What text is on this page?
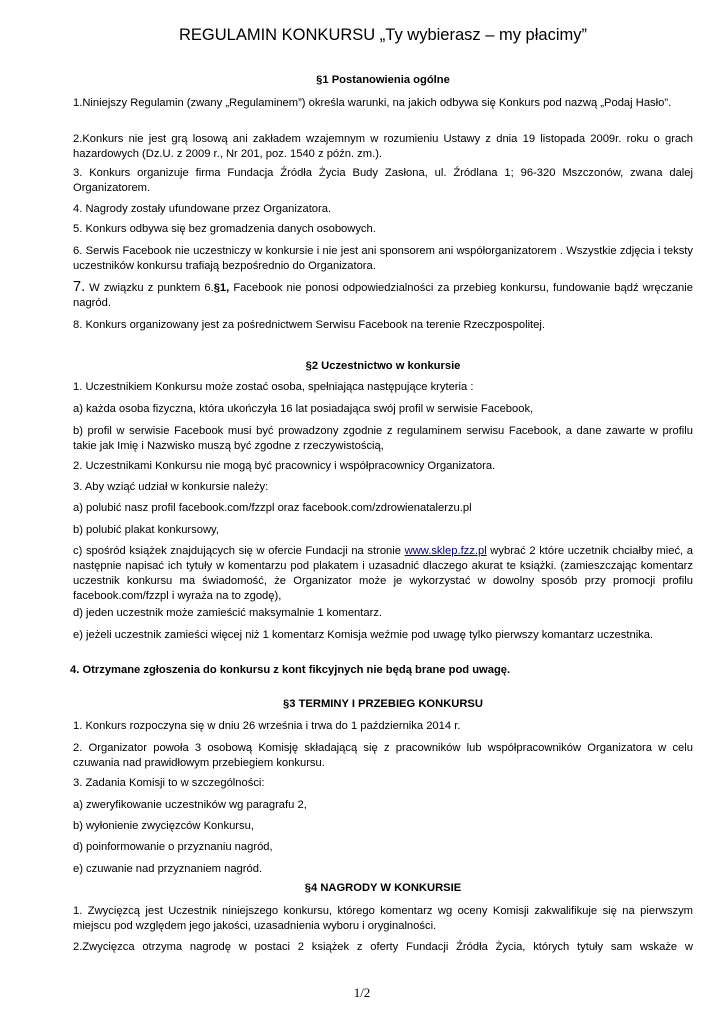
REGULAMIN KONKURSU „Ty wybierasz – my płacimy”
§1 Postanowienia ogólne
1.Niniejszy Regulamin (zwany „Regulaminem”) określa warunki, na jakich odbywa się Konkurs pod nazwą „Podaj Hasło”.
2.Konkurs nie jest grą losową ani zakładem wzajemnym w rozumieniu Ustawy z dnia 19 listopada 2009r. roku o grach hazardowych (Dz.U. z 2009 r., Nr 201, poz. 1540 z późn. zm.).
3. Konkurs organizuje firma Fundacja Źródła Życia Budy Zasłona, ul. Źródlana 1; 96-320 Mszczonów, zwana dalej Organizatorem.
4. Nagrody zostały ufundowane przez Organizatora.
5. Konkurs odbywa się bez gromadzenia danych osobowych.
6. Serwis Facebook nie uczestniczy w konkursie i nie jest ani sponsorem ani współorganizatorem . Wszystkie zdjęcia i teksty uczestników konkursu trafiają bezpośrednio do Organizatora.
7. W związku z punktem 6.§1, Facebook nie ponosi odpowiedzialności za przebieg konkursu, fundowanie bądź wręczanie nagród.
8. Konkurs organizowany jest za pośrednictwem Serwisu Facebook na terenie Rzeczpospolitej.
§2 Uczestnictwo w konkursie
1. Uczestnikiem Konkursu może zostać osoba, spełniająca następujące kryteria :
a) każda osoba fizyczna, która ukończyła 16 lat posiadająca swój profil w serwisie Facebook,
b) profil w serwisie Facebook musi być prowadzony zgodnie z regulaminem serwisu Facebook, a dane zawarte w profilu takie jak Imię i Nazwisko muszą być zgodne z rzeczywistością,
2. Uczestnikami Konkursu nie mogą być pracownicy i współpracownicy Organizatora.
3. Aby wziąć udział w konkursie należy:
a) polubić nasz profil facebook.com/fzzpl oraz facebook.com/zdrowienatalerzu.pl
b) polubić plakat konkursowy,
c) spośród książek znajdujących się w ofercie Fundacji na stronie www.sklep.fzz.pl wybrać 2 które uczetnik chciałby mieć, a następnie napisać ich tytuły w komentarzu pod plakatem i uzasadnić dlaczego akurat te książki. (zamieszczając komentarz uczestnik konkursu ma świadomość, że Organizator może je wykorzystać w dowolny sposób przy promocji profilu facebook.com/fzzpl i wyraża na to zgodę),
d) jeden uczestnik może zamieścić maksymalnie 1 komentarz.
e) jeżeli uczestnik zamieści więcej niż 1 komentarz Komisja weźmie pod uwagę tylko pierwszy komantarz uczestnika.
4. Otrzymane zgłoszenia do konkursu z kont fikcyjnych nie będą brane pod uwagę.
§3 TERMINY I PRZEBIEG KONKURSU
1. Konkurs rozpoczyna się w dniu 26 września i trwa do 1 października 2014 r.
2. Organizator powoła 3 osobową Komisję składającą się z pracowników lub współpracowników Organizatora w celu czuwania nad prawidłowym przebiegiem konkursu.
3. Zadania Komisji to w szczególności:
a) zweryfikowanie uczestników wg paragrafu 2,
b) wyłonienie zwycięzców Konkursu,
d) poinformowanie o przyznaniu nagród,
e) czuwanie nad przyznaniem nagród.
§4 NAGRODY W KONKURSIE
1. Zwycięzcą jest Uczestnik niniejszego konkursu, którego komentarz wg oceny Komisji zakwalifikuje się na pierwszym miejscu pod względem jego jakości, uzasadnienia wyboru i oryginalności.
2.Zwycięzca otrzyma nagrodę w postaci 2 książek z oferty Fundacji Źródła Życia, których tytuły sam wskaże w
1/2
